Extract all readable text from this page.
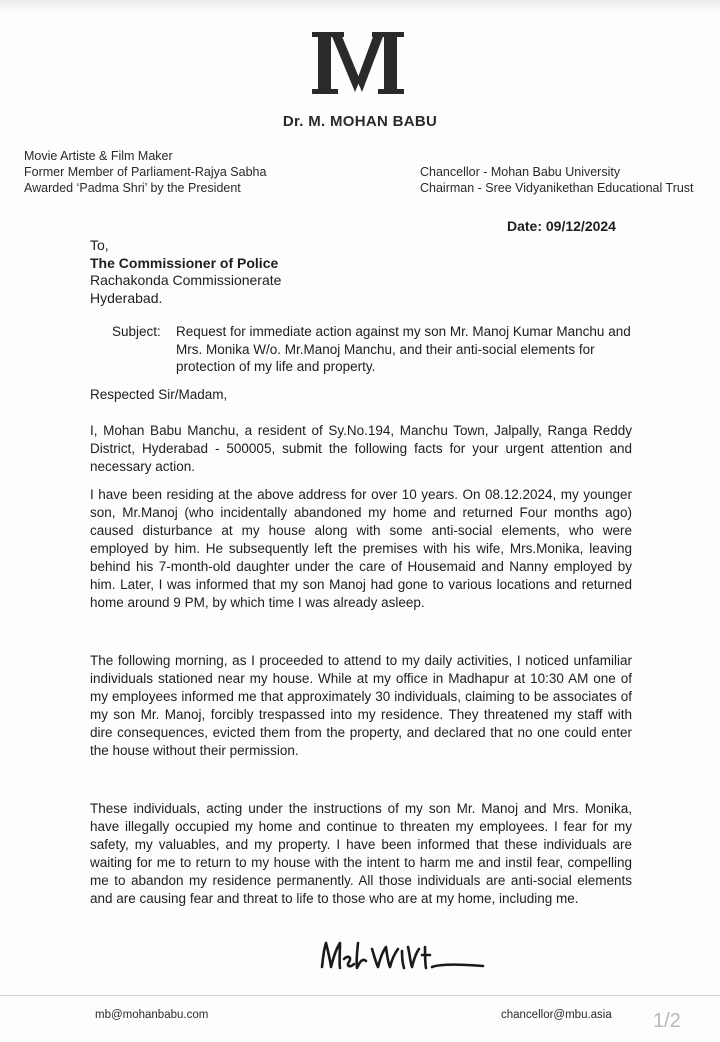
Dr. M. MOHAN BABU
Movie Artiste & Film Maker
Former Member of Parliament-Rajya Sabha
Awarded ‘Padma Shri’ by the President
Chancellor - Mohan Babu University
Chairman - Sree Vidyanikethan Educational Trust
Date: 09/12/2024
To,
The Commissioner of Police
Rachakonda Commissionerate
Hyderabad.
Subject: Request for immediate action against my son Mr. Manoj Kumar Manchu and Mrs. Monika W/o. Mr.Manoj Manchu, and their anti-social elements for protection of my life and property.
Respected Sir/Madam,

I, Mohan Babu Manchu, a resident of Sy.No.194, Manchu Town, Jalpally, Ranga Reddy District, Hyderabad - 500005, submit the following facts for your urgent attention and necessary action.

I have been residing at the above address for over 10 years. On 08.12.2024, my younger son, Mr.Manoj (who incidentally abandoned my home and returned Four months ago) caused disturbance at my house along with some anti-social elements, who were employed by him. He subsequently left the premises with his wife, Mrs.Monika, leaving behind his 7-month-old daughter under the care of Housemaid and Nanny employed by him. Later, I was informed that my son Manoj had gone to various locations and returned home around 9 PM, by which time I was already asleep.

The following morning, as I proceeded to attend to my daily activities, I noticed unfamiliar individuals stationed near my house. While at my office in Madhapur at 10:30 AM one of my employees informed me that approximately 30 individuals, claiming to be associates of my son Mr. Manoj, forcibly trespassed into my residence. They threatened my staff with dire consequences, evicted them from the property, and declared that no one could enter the house without their permission.

These individuals, acting under the instructions of my son Mr. Manoj and Mrs. Monika, have illegally occupied my home and continue to threaten my employees. I fear for my safety, my valuables, and my property. I have been informed that these individuals are waiting for me to return to my house with the intent to harm me and instil fear, compelling me to abandon my residence permanently. All those individuals are anti-social elements and are causing fear and threat to life to those who are at my home, including me.

mb@mohanbabu.com	chancellor@mbu.asia 1/2
